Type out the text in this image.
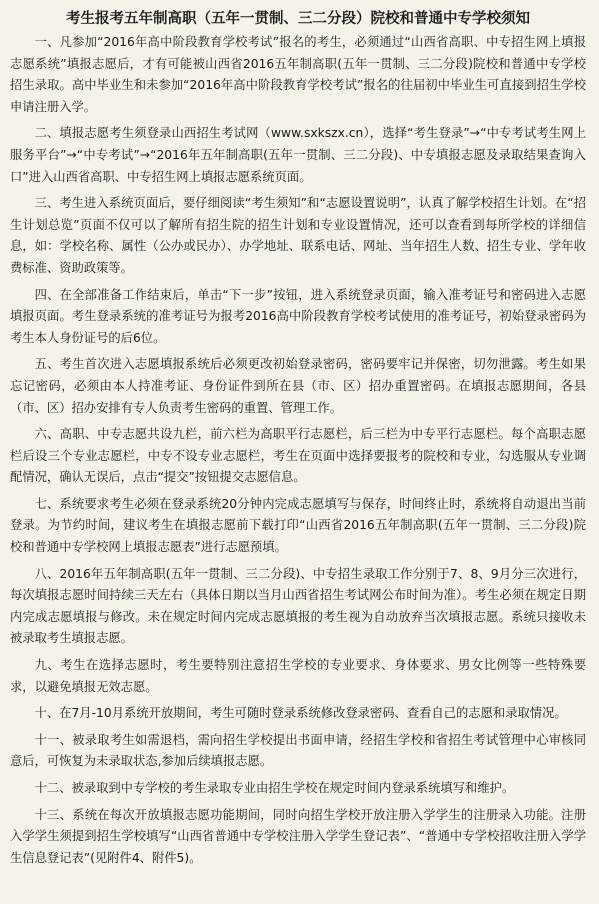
考生报考五年制高职（五年一贯制、三二分段）院校和普通中专学校须知

一、凡参加“2016年高中阶段教育学校考试”报名的考生，必须通过“山西省高职、中专招生网上填报志愿系统”填报志愿后，才有可能被山西省2016五年制高职(五年一贯制、三二分段)院校和普通中专学校招生录取。高中毕业生和未参加“2016年高中阶段教育学校考试”报名的往届初中毕业生可直接到招生学校申请注册入学。

二、填报志愿考生须登录山西招生考试网（www.sxkszx.cn），选择“考生登录”→“中专考试考生网上服务平台”→“中专考试”→“2016年五年制高职(五年一贯制、三二分段)、中专填报志愿及录取结果查询入口”进入山西省高职、中专招生网上填报志愿系统页面。

三、考生进入系统页面后，要仔细阅读“考生须知”和“志愿设置说明”，认真了解学校招生计划。在“招生计划总览”页面不仅可以了解所有招生院的招生计划和专业设置情况，还可以查看到每所学校的详细信息，如：学校名称、属性（公办或民办）、办学地址、联系电话、网址、当年招生人数、招生专业、学年收费标准、资助政策等。

四、在全部准备工作结束后，单击“下一步”按钮，进入系统登录页面，输入准考证号和密码进入志愿填报页面。考生登录系统的准考证号为报考2016高中阶段教育学校考试使用的准考证号，初始登录密码为考生本人身份证号的后6位。

五、考生首次进入志愿填报系统后必须更改初始登录密码，密码要牢记并保密，切勿泄露。考生如果忘记密码，必须由本人持准考证、身份证件到所在县（市、区）招办重置密码。在填报志愿期间，各县（市、区）招办安排有专人负责考生密码的重置、管理工作。

六、高职、中专志愿共设九栏，前六栏为高职平行志愿栏，后三栏为中专平行志愿栏。每个高职志愿栏后设三个专业志愿栏，中专不设专业志愿栏，考生在页面中选择要报考的院校和专业，勾选服从专业调配情况，确认无误后，点击“提交”按钮提交志愿信息。

七、系统要求考生必须在登录系统20分钟内完成志愿填写与保存，时间终止时，系统将自动退出当前登录。为节约时间，建议考生在填报志愿前下载打印“山西省2016五年制高职(五年一贯制、三二分段)院校和普通中专学校网上填报志愿表”进行志愿预填。

八、2016年五年制高职(五年一贯制、三二分段)、中专招生录取工作分别于7、8、9月分三次进行，每次填报志愿时间持续三天左右（具体日期以当月山西省招生考试网公布时间为准）。考生必须在规定日期内完成志愿填报与修改。未在规定时间内完成志愿填报的考生视为自动放弃当次填报志愿。系统只接收未被录取考生填报志愿。

九、考生在选择志愿时，考生要特别注意招生学校的专业要求、身体要求、男女比例等一些特殊要求，以避免填报无效志愿。

十、在7月-10月系统开放期间，考生可随时登录系统修改登录密码、查看自己的志愿和录取情况。

十一、被录取考生如需退档，需向招生学校提出书面申请，经招生学校和省招生考试管理中心审核同意后，可恢复为未录取状态,参加后续填报志愿。

十二、被录取到中专学校的考生录取专业由招生学校在规定时间内登录系统填写和维护。

十三、系统在每次开放填报志愿功能期间，同时向招生学校开放注册入学学生的注册录入功能。注册入学学生须提到招生学校填写“山西省普通中专学校注册入学学生登记表”、“普通中专学校招收注册入学学生信息登记表”(见附件4、附件5)。
